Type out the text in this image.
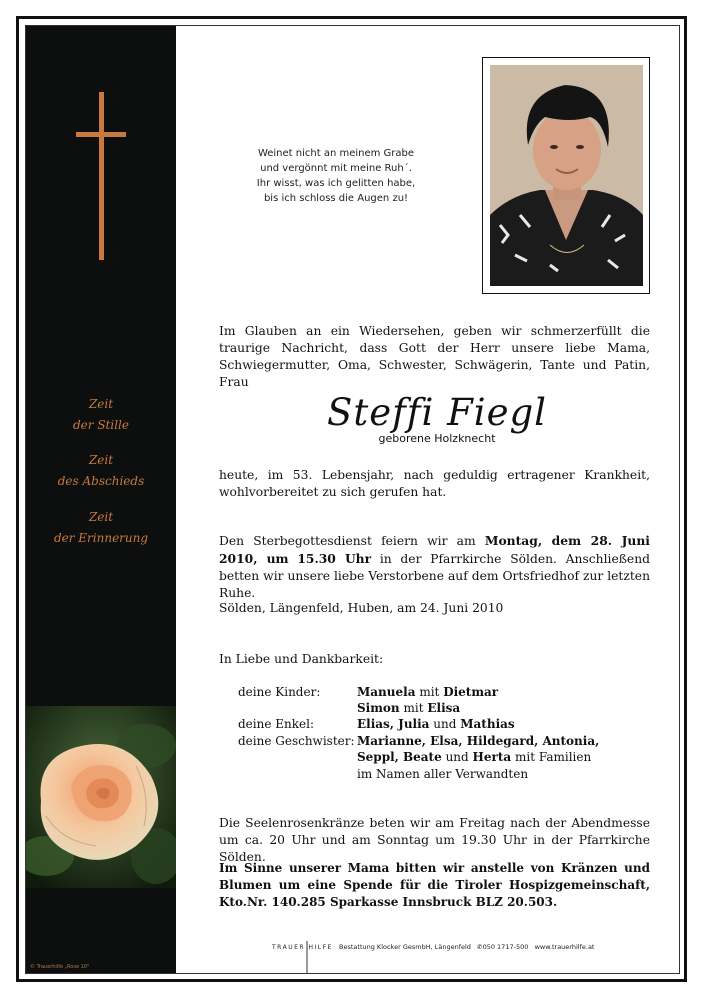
Zeit
der Stille
Zeit
des Abschieds
Zeit
der Erinnerung
© Trauerhilfe „Rose 10"
Weinet nicht an meinem Grabe
und vergönnt mit meine Ruh´.
Ihr wisst, was ich gelitten habe,
bis ich schloss die Augen zu!
Im Glauben an ein Wiedersehen, geben wir schmerzerfüllt die traurige Nachricht, dass Gott der Herr unsere liebe Mama, Schwiegermutter, Oma, Schwester, Schwägerin, Tante und Patin, Frau
Steffi Fiegl
geborene Holzknecht
heute, im 53. Lebensjahr, nach geduldig ertragener Krankheit, wohlvorbereitet zu sich gerufen hat.
Den Sterbegottesdienst feiern wir am Montag, dem 28. Juni 2010, um 15.30 Uhr in der Pfarrkirche Sölden. Anschließend betten wir unsere liebe Verstorbene auf dem Ortsfriedhof zur letzten Ruhe.
Sölden, Längenfeld, Huben, am 24. Juni 2010
In Liebe und Dankbarkeit:
deine Kinder:	Manuela mit Dietmar
Simon mit Elisa
deine Enkel:	Elias, Julia und Mathias
deine Geschwister: Marianne, Elsa, Hildegard, Antonia,
Seppl, Beate und Herta mit Familien
im Namen aller Verwandten
Die Seelenrosenkränze beten wir am Freitag nach der Abendmesse um ca. 20 Uhr und am Sonntag um 19.30 Uhr in der Pfarrkirche Sölden.
Im Sinne unserer Mama bitten wir anstelle von Kränzen und Blumen um eine Spende für die Tiroler Hospizgemeinschaft, Kto.Nr. 140.285 Sparkasse Innsbruck BLZ 20.503.
TRAUER HILFE Bestattung Klocker GesmbH, Längenfeld ✆050 1717-500 www.trauerhilfe.at
